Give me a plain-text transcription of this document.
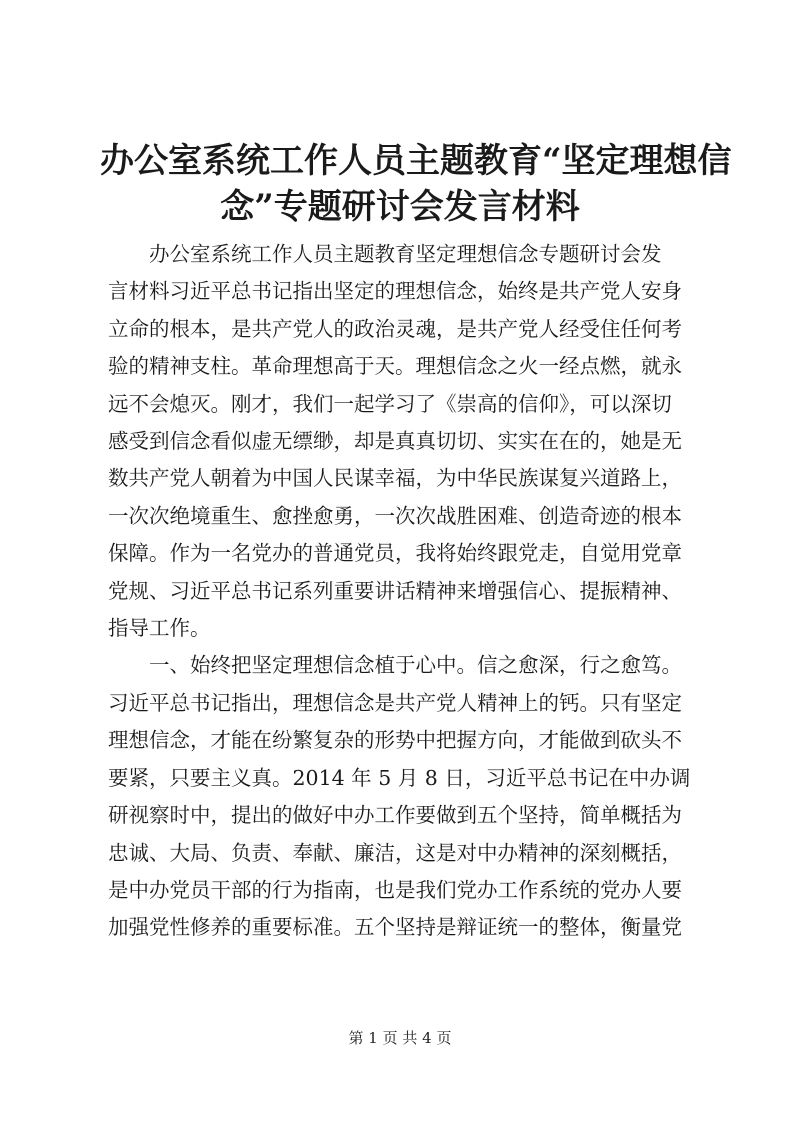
办公室系统工作人员主题教育“坚定理想信
念”专题研讨会发言材料

　　办公室系统工作人员主题教育坚定理想信念专题研讨会发
言材料习近平总书记指出坚定的理想信念，始终是共产党人安身
立命的根本，是共产党人的政治灵魂，是共产党人经受住任何考
验的精神支柱。革命理想高于天。理想信念之火一经点燃，就永
远不会熄灭。刚才，我们一起学习了《崇高的信仰》，可以深切
感受到信念看似虚无缥缈，却是真真切切、实实在在的，她是无
数共产党人朝着为中国人民谋幸福，为中华民族谋复兴道路上，
一次次绝境重生、愈挫愈勇，一次次战胜困难、创造奇迹的根本
保障。作为一名党办的普通党员，我将始终跟党走，自觉用党章
党规、习近平总书记系列重要讲话精神来增强信心、提振精神、
指导工作。

　　一、始终把坚定理想信念植于心中。信之愈深，行之愈笃。
习近平总书记指出，理想信念是共产党人精神上的钙。只有坚定
理想信念，才能在纷繁复杂的形势中把握方向，才能做到砍头不
要紧，只要主义真。2014 年 5 月 8 日，习近平总书记在中办调
研视察时中，提出的做好中办工作要做到五个坚持，简单概括为
忠诚、大局、负责、奉献、廉洁，这是对中办精神的深刻概括，
是中办党员干部的行为指南，也是我们党办工作系统的党办人要
加强党性修养的重要标准。五个坚持是辩证统一的整体，衡量党

第 1 页 共 4 页
